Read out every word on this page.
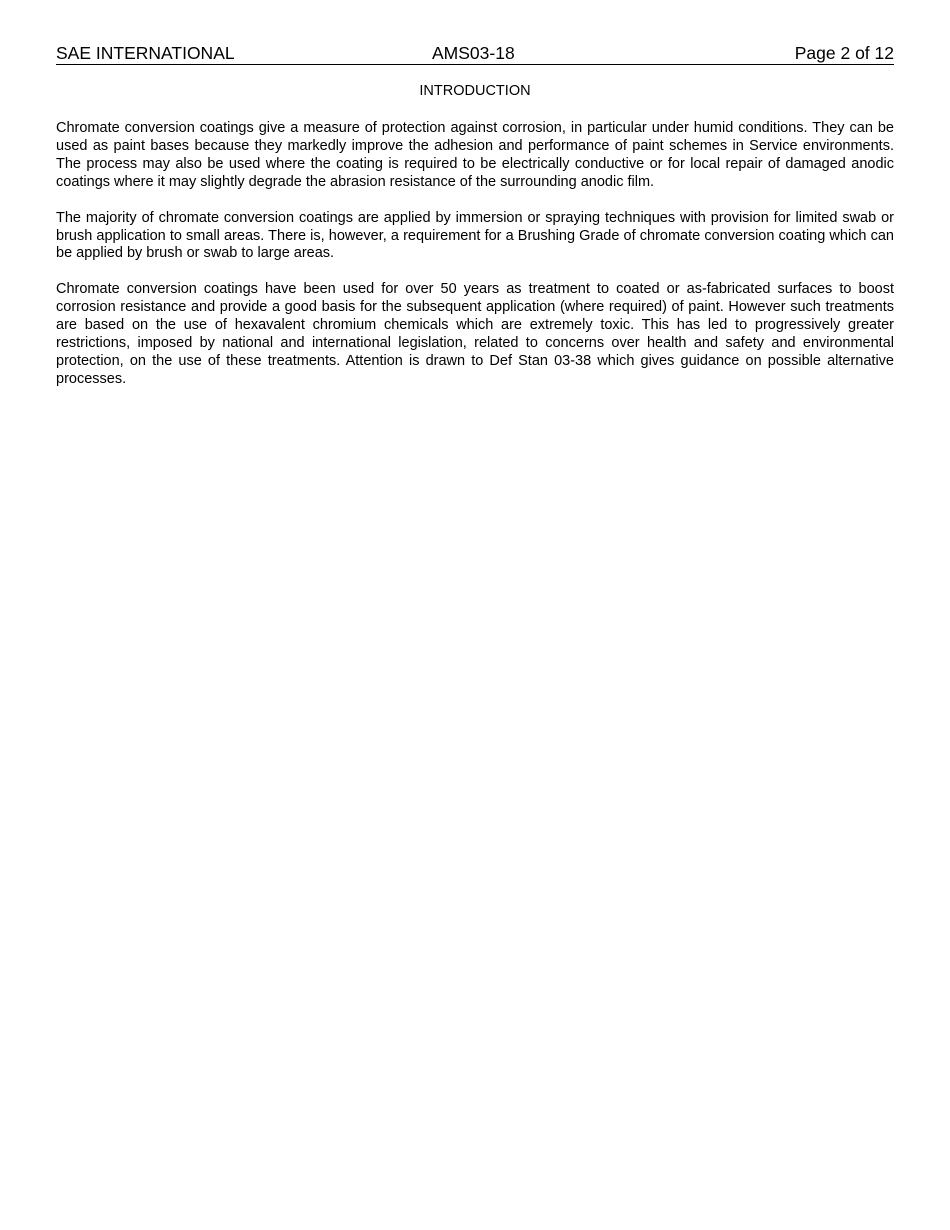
SAE INTERNATIONAL	AMS03-18	Page 2 of 12
INTRODUCTION

Chromate conversion coatings give a measure of protection against corrosion, in particular under humid conditions. They can be used as paint bases because they markedly improve the adhesion and performance of paint schemes in Service environments. The process may also be used where the coating is required to be electrically conductive or for local repair of damaged anodic coatings where it may slightly degrade the abrasion resistance of the surrounding anodic film.

The majority of chromate conversion coatings are applied by immersion or spraying techniques with provision for limited swab or brush application to small areas. There is, however, a requirement for a Brushing Grade of chromate conversion coating which can be applied by brush or swab to large areas.

Chromate conversion coatings have been used for over 50 years as treatment to coated or as-fabricated surfaces to boost corrosion resistance and provide a good basis for the subsequent application (where required) of paint. However such treatments are based on the use of hexavalent chromium chemicals which are extremely toxic. This has led to progressively greater restrictions, imposed by national and international legislation, related to concerns over health and safety and environmental protection, on the use of these treatments. Attention is drawn to Def Stan 03-38 which gives guidance on possible alternative processes.
